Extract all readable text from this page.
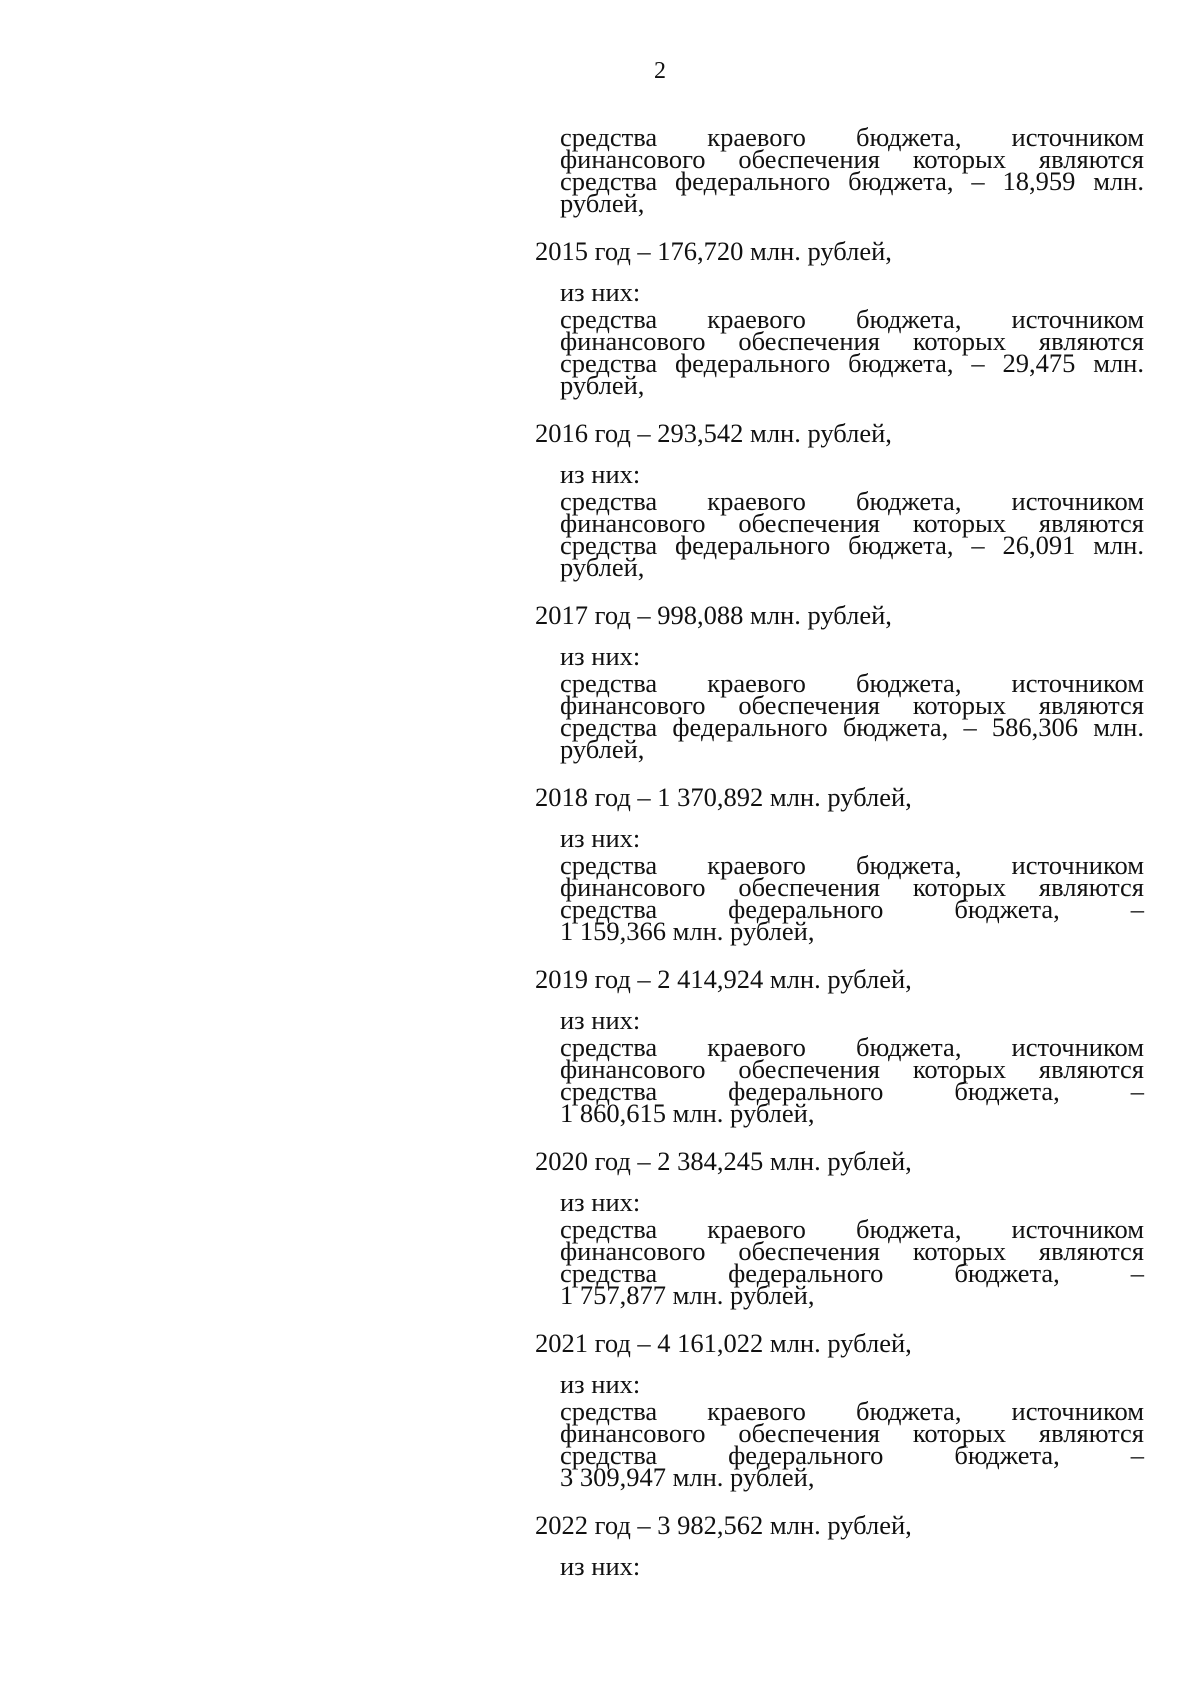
2
средства краевого бюджета, источником
финансового обеспечения которых являются
средства федерального бюджета, – 18,959 млн.
рублей,
2015 год – 176,720 млн. рублей,
из них:
средства краевого бюджета, источником
финансового обеспечения которых являются
средства федерального бюджета, – 29,475 млн.
рублей,
2016 год – 293,542 млн. рублей,
из них:
средства краевого бюджета, источником
финансового обеспечения которых являются
средства федерального бюджета, – 26,091 млн.
рублей,
2017 год – 998,088 млн. рублей,
из них:
средства краевого бюджета, источником
финансового обеспечения которых являются
средства федерального бюджета, – 586,306 млн.
рублей,
2018 год – 1 370,892 млн. рублей,
из них:
средства краевого бюджета, источником
финансового обеспечения которых являются
средства федерального бюджета, –
1 159,366 млн. рублей,
2019 год – 2 414,924 млн. рублей,
из них:
средства краевого бюджета, источником
финансового обеспечения которых являются
средства федерального бюджета, –
1 860,615 млн. рублей,
2020 год – 2 384,245 млн. рублей,
из них:
средства краевого бюджета, источником
финансового обеспечения которых являются
средства федерального бюджета, –
1 757,877 млн. рублей,
2021 год – 4 161,022 млн. рублей,
из них:
средства краевого бюджета, источником
финансового обеспечения которых являются
средства федерального бюджета, –
3 309,947 млн. рублей,
2022 год – 3 982,562 млн. рублей,
из них:
